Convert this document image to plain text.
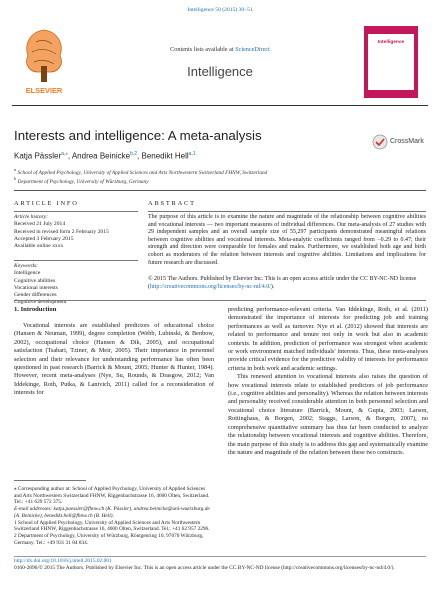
Intelligence 50 (2015) 30–51
ELSEVIER
Contents lists available at ScienceDirect
Intelligence
Intelligence
Interests and intelligence: A meta-analysis
Katja Pässler$^{a,⁎}$, Andrea Beinicke$^{b,2}$, Benedikt Hell$^{a,1}$
$^a$ School of Applied Psychology, University of Applied Sciences and Arts Northwestern Switzerland FHNW, Switzerland
$^b$ Department of Psychology, University of Würzburg, Germany
CrossMark
ARTICLE INFO	ABSTRACT
Article history:
Received 21 July 2014
Received in revised form 2 February 2015
Accepted 3 February 2015
Available online xxxx
Keywords:
Intelligence
Cognitive abilities
Vocational interests
Gender differences
Cognitive development
The purpose of this article is to examine the nature and magnitude of the relationship between cognitive abilities and vocational interests — two important measures of individual differences. Our meta-analysis of 27 studies with 29 independent samples and an overall sample size of 55,297 participants demonstrated meaningful relations between cognitive abilities and vocational interests. Meta-analytic coefficients ranged from −0.29 to 0.47; their strength and direction were comparable for females and males. Furthermore, we established both age and birth cohort as moderators of the relation between interests and cognitive abilities. Limitations and implications for future research are discussed.
© 2015 The Authors. Published by Elsevier Inc. This is an open access article under the CC BY-NC-ND license (http://creativecommons.org/licenses/by-nc-nd/4.0/).
1. Introduction

Vocational interests are established predictors of educational choice (Hansen & Neuman, 1999), degree completion (Webb, Lubinski, & Benbow, 2002), occupational choice (Hansen & Dik, 2005), and occupational satisfaction (Tsabari, Tziner, & Meir, 2005). Their importance in personnel selection and their relevance for understanding performance has often been questioned in past research (Barrick & Mount, 2005; Hunter & Hunter, 1984). However, recent meta-analyses (Nye, Su, Rounds, & Drasgow, 2012; Van Iddekinge, Roth, Putka, & Lanivich, 2011) called for a reconsideration of interests for

predicting performance-relevant criteria. Van Iddekinge, Roth, et al. (2011) demonstrated the importance of interests for predicting job and training performances as well as turnover. Nye et al. (2012) showed that interests are related to performance and tenure not only in work but also in academic contexts. In addition, prediction of performance was strongest when academic or work environment matched individuals' interests. Thus, these meta-analyses provide critical evidence for the predictive validity of interests for performance criteria in both work and academic settings.

This renewed attention to vocational interests also raises the question of how vocational interests relate to established predictors of job performance (i.e., cognitive abilities and personality). Whereas the relation between interests and personality received considerable attention in both personnel selection and vocational choice literature (Barrick, Mount, & Gupta, 2003; Larson, Rottinghaus, & Borgen, 2002; Staggs, Larson, & Borgen, 2007), no comprehensive quantitative summary has thus far been conducted to analyze the relationship between vocational interests and cognitive abilities. Therefore, the main purpose of this study is to address this gap and systematically examine the nature and magnitude of the relation between these two constructs.

⁎ Corresponding author at: School of Applied Psychology, University of Applied Sciences and Arts Northwestern Switzerland FHNW, Riggenbachstrasse 16, 4600 Olten, Switzerland. Tel.: +41 629 572 375.
E-mail addresses: katja.paessler@fhnw.ch (K. Pässler), andrea.beinicke@uni-wuerzburg.de (A. Beinicke), benedikt.hell@fhnw.ch (B. Hell).
1 School of Applied Psychology, University of Applied Sciences and Arts Northwestern Switzerland FHNW, Riggenbachstrasse 16, 4600 Olten, Switzerland. Tel.: +41 62 957 2296.
2 Department of Psychology, University of Würzburg, Röntgenring 10, 97070 Würzburg, Germany. Tel.: +49 931 31 84 834.
http://dx.doi.org/10.1016/j.intell.2015.02.001
0160-2896/© 2015 The Authors. Published by Elsevier Inc. This is an open access article under the CC BY-NC-ND license (http://creativecommons.org/licenses/by-nc-nd/4.0/).
